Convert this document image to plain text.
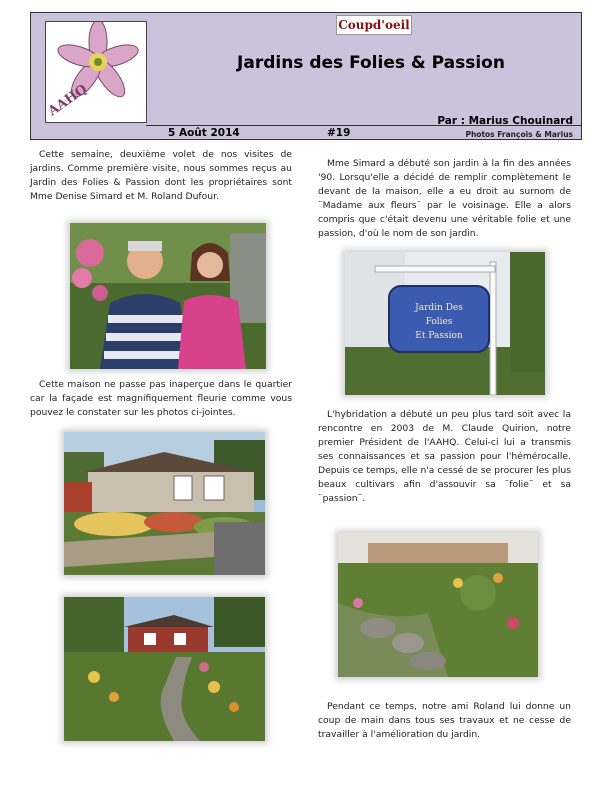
AAHQ
Coupd'oeil
Jardins des Folies & Passion
Par : Marius Chouinard
Photos François & Marius
5 Août 2014	#19

Cette semaine, deuxième volet de nos visites de jardins. Comme première visite, nous sommes reçus au Jardin des Folies & Passion dont les propriétaires sont Mme Denise Simard et M. Roland Dufour.

Cette maison ne passe pas inaperçue dans le quartier car la façade est magnifiquement fleurie comme vous pouvez le constater sur les photos ci-jointes.

Mme Simard a débuté son jardin à la fin des années '90. Lorsqu'elle a décidé de remplir complètement le devant de la maison, elle a eu droit au surnom de ¨Madame aux fleurs¨ par le voisinage. Elle a alors compris que c'était devenu une véritable folie et une passion, d'où le nom de son jardin.

Jardin Des
Folies
Et Passion

L'hybridation a débuté un peu plus tard soit avec la rencontre en 2003 de M. Claude Quirion, notre premier Président de l'AAHQ. Celui-ci lui a transmis ses connaissances et sa passion pour l'hémérocalle. Depuis ce temps, elle n'a cessé de se procurer les plus beaux cultivars afin d'assouvir sa ¨folie¨ et sa ¨passion¨.

Pendant ce temps, notre ami Roland lui donne un coup de main dans tous ses travaux et ne cesse de travailler à l'amélioration du jardin.
